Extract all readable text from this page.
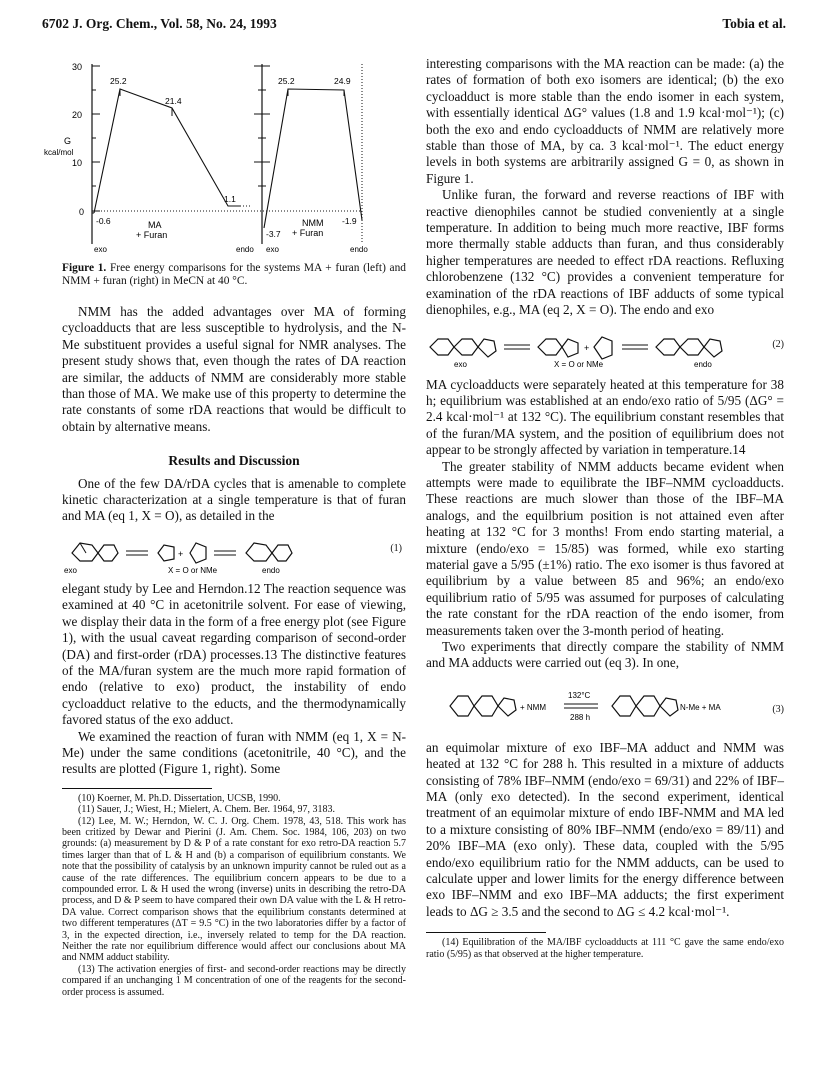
6702 J. Org. Chem., Vol. 58, No. 24, 1993	Tobia et al.
G
kcal/mol
30
20
10
0
25.2
21.4
1.1
-0.6	MA
+ Furan
25.2	24.9
-3.7
-1.9
NMM
+ Furan
exo	endo exo	endo

Figure 1. Free energy comparisons for the systems MA + furan (left) and NMM + furan (right) in MeCN at 40 °C.

NMM has the added advantages over MA of forming cycloadducts that are less susceptible to hydrolysis, and the N-Me substituent provides a useful signal for NMR analyses. The present study shows that, even though the rates of DA reaction are similar, the adducts of NMM are considerably more stable than those of MA. We make use of this property to determine the rate constants of some rDA reactions that would be difficult to obtain by alternative means.

Results and Discussion

One of the few DA/rDA cycles that is amenable to complete kinetic characterization at a single temperature is that of furan and MA (eq 1, X = O), as detailed in the

+
exo	X = O or NMe	endo
(1)

elegant study by Lee and Herndon.12 The reaction sequence was examined at 40 °C in acetonitrile solvent. For ease of viewing, we display their data in the form of a free energy plot (see Figure 1), with the usual caveat regarding comparison of second-order (DA) and first-order (rDA) processes.13 The distinctive features of the MA/furan system are the much more rapid formation of endo (relative to exo) product, the instability of endo cycloadduct relative to the educts, and the thermodynamically favored status of the exo adduct.

We examined the reaction of furan with NMM (eq 1, X = N-Me) under the same conditions (acetonitrile, 40 °C), and the results are plotted (Figure 1, right). Some

(10) Koerner, M. Ph.D. Dissertation, UCSB, 1990.

(11) Sauer, J.; Wiest, H.; Mielert, A. Chem. Ber. 1964, 97, 3183.

(12) Lee, M. W.; Herndon, W. C. J. Org. Chem. 1978, 43, 518. This work has been critized by Dewar and Pierini (J. Am. Chem. Soc. 1984, 106, 203) on two grounds: (a) measurement by D & P of a rate constant for exo retro-DA reaction 5.7 times larger than that of L & H and (b) a comparison of equilibrium constants. We note that the possibility of catalysis by an unknown impurity cannot be ruled out as a cause of the rate differences. The equilibrium concern appears to be due to a compounded error. L & H used the wrong (inverse) units in describing the retro-DA process, and D & P seem to have compared their own DA value with the L & H retro-DA value. Correct comparison shows that the equilibrium constants determined at two different temperatures (ΔT = 9.5 °C) in the two laboratories differ by a factor of 3, in the expected direction, i.e., inversely related to temp for the DA reaction. Neither the rate nor equilibrium difference would affect our conclusions about MA and NMM adduct stability.

(13) The activation energies of first- and second-order reactions may be directly compared if an unchanging 1 M concentration of one of the reagents for the second-order process is assumed.

interesting comparisons with the MA reaction can be made: (a) the rates of formation of both exo isomers are identical; (b) the exo cycloadduct is more stable than the endo isomer in each system, with essentially identical ΔG° values (1.8 and 1.9 kcal·mol⁻¹); (c) both the exo and endo cycloadducts of NMM are relatively more stable than those of MA, by ca. 3 kcal·mol⁻¹. The educt energy levels in both systems are arbitrarily assigned G = 0, as shown in Figure 1.

Unlike furan, the forward and reverse reactions of IBF with reactive dienophiles cannot be studied conveniently at a single temperature. In addition to being much more reactive, IBF forms more thermally stable adducts than furan, and thus considerably higher temperatures are needed to effect rDA reactions. Refluxing chlorobenzene (132 °C) provides a convenient temperature for examination of the rDA reactions of IBF adducts of some typical dienophiles, e.g., MA (eq 2, X = O). The endo and exo

+
exo	X = O or NMe	endo
(2)

MA cycloadducts were separately heated at this temperature for 38 h; equilibrium was established at an endo/exo ratio of 5/95 (ΔG° = 2.4 kcal·mol⁻¹ at 132 °C). The equilibrium constant resembles that of the furan/MA system, and the position of equilibrium does not appear to be strongly affected by variation in temperature.14

The greater stability of NMM adducts became evident when attempts were made to equilibrate the IBF–NMM cycloadducts. These reactions are much slower than those of the IBF–MA analogs, and the equilbrium position is not attained even after heating at 132 °C for 3 months! From endo starting material, a mixture (endo/exo = 15/85) was formed, while exo starting material gave a 5/95 (±1%) ratio. The exo isomer is thus favored at equilibrium by a value between 85 and 96%; an endo/exo equilibrium ratio of 5/95 was assumed for purposes of calculating the rate constant for the rDA reaction of the endo isomer, from measurements taken over the 3-month period of heating.

Two experiments that directly compare the stability of NMM and MA adducts were carried out (eq 3). In one,

+ NMM
132°C
288 h
N-Me + MA	(3)

an equimolar mixture of exo IBF–MA adduct and NMM was heated at 132 °C for 288 h. This resulted in a mixture of adducts consisting of 78% IBF–NMM (endo/exo = 69/31) and 22% of IBF–MA (only exo detected). In the second experiment, identical treatment of an equimolar mixture of endo IBF-NMM and MA led to a mixture consisting of 80% IBF–NMM (endo/exo = 89/11) and 20% IBF–MA (exo only). These data, coupled with the 5/95 endo/exo equilibrium ratio for the NMM adducts, can be used to calculate upper and lower limits for the energy difference between exo IBF–NMM and exo IBF–MA adducts; the first experiment leads to ΔG ≥ 3.5 and the second to ΔG ≤ 4.2 kcal·mol⁻¹.

(14) Equilibration of the MA/IBF cycloadducts at 111 °C gave the same endo/exo ratio (5/95) as that observed at the higher temperature.
